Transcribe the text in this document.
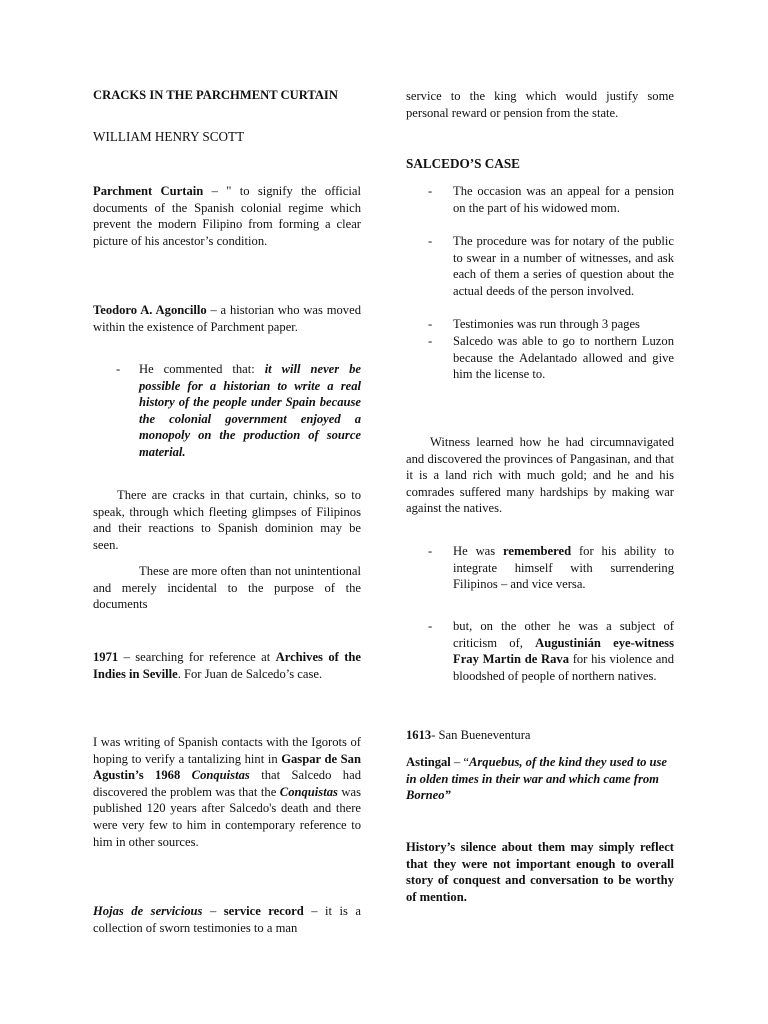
CRACKS IN THE PARCHMENT CURTAIN

WILLIAM HENRY SCOTT

Parchment Curtain – " to signify the official documents of the Spanish colonial regime which prevent the modern Filipino from forming a clear picture of his ancestor’s condition.

Teodoro A. Agoncillo – a historian who was moved within the existence of Parchment paper.

- He commented that: it will never be possible for a historian to write a real history of the people under Spain because the colonial government enjoyed a monopoly on the production of source material.

There are cracks in that curtain, chinks, so to speak, through which fleeting glimpses of Filipinos and their reactions to Spanish dominion may be seen.

These are more often than not unintentional and merely incidental to the purpose of the documents

1971 – searching for reference at Archives of the Indies in Seville. For Juan de Salcedo’s case.

I was writing of Spanish contacts with the Igorots of hoping to verify a tantalizing hint in Gaspar de San Agustin’s 1968 Conquistas that Salcedo had discovered the problem was that the Conquistas was published 120 years after Salcedo's death and there were very few to him in contemporary reference to him in other sources.

Hojas de servicious – service record – it is a collection of sworn testimonies to a man

service to the king which would justify some personal reward or pension from the state.

SALCEDO’S CASE

- The occasion was an appeal for a pension on the part of his widowed mom.

- The procedure was for notary of the public to swear in a number of witnesses, and ask each of them a series of question about the actual deeds of the person involved.

- Testimonies was run through 3 pages

- Salcedo was able to go to northern Luzon because the Adelantado allowed and give him the license to.

Witness learned how he had circumnavigated and discovered the provinces of Pangasinan, and that it is a land rich with much gold; and he and his comrades suffered many hardships by making war against the natives.

- He was remembered for his ability to integrate himself with surrendering Filipinos – and vice versa.

- but, on the other he was a subject of criticism of, Augustinián eye-witness Fray Martin de Rava for his violence and bloodshed of people of northern natives.

1613- San Bueneventura

Astingal – “Arquebus, of the kind they used to use in olden times in their war and which came from Borneo”

History’s silence about them may simply reflect that they were not important enough to overall story of conquest and conversation to be worthy of mention.
